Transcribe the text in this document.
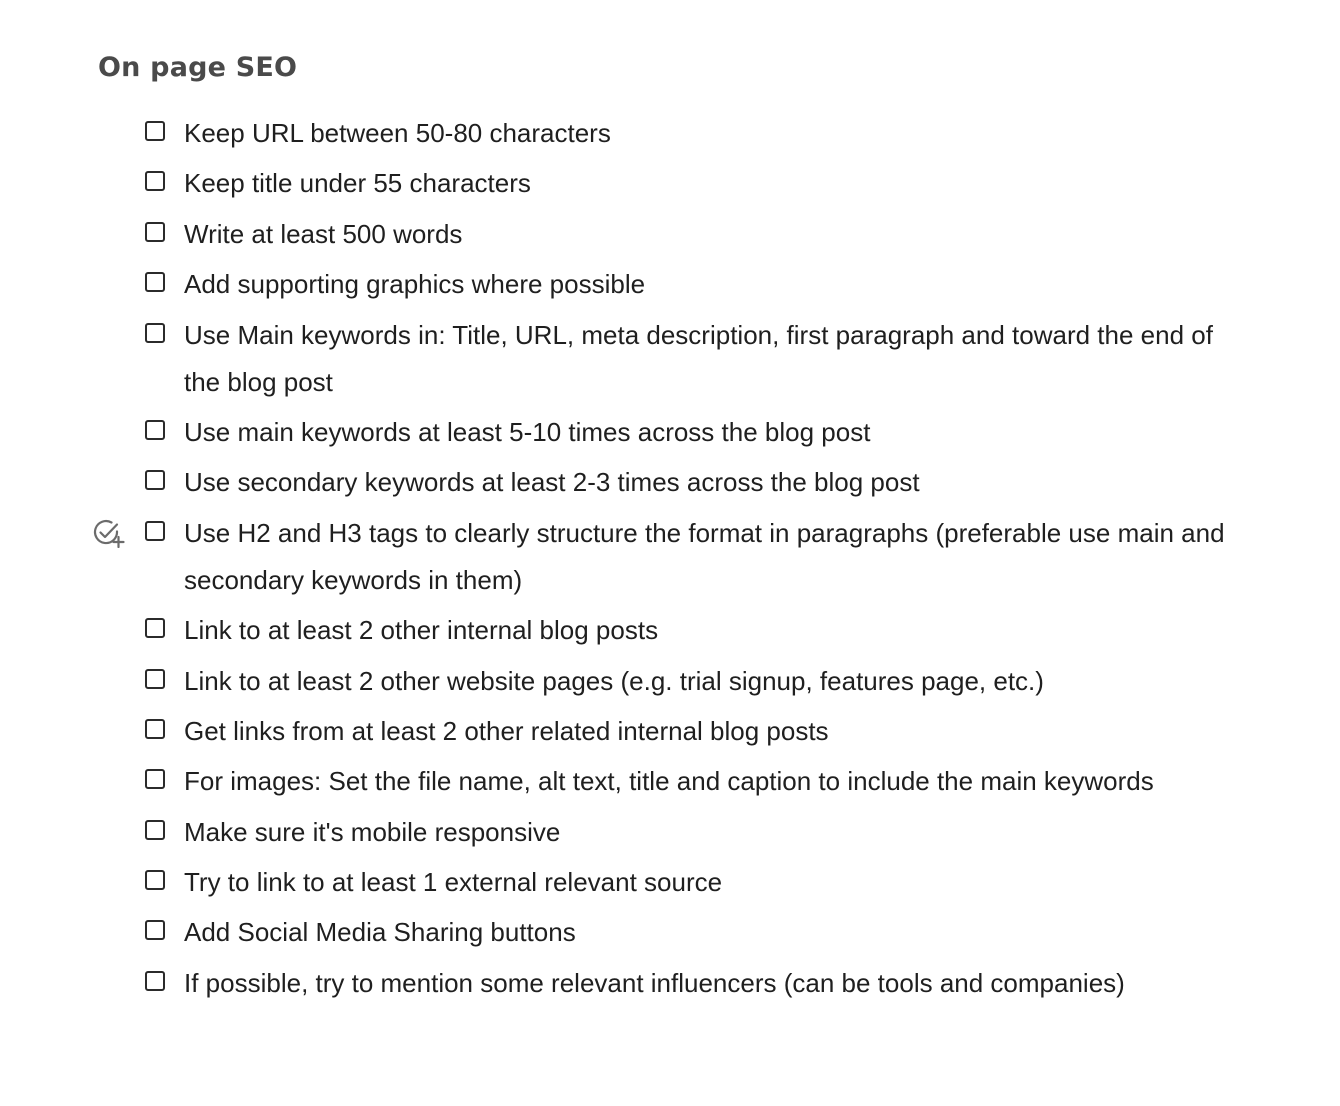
On page SEO
Keep URL between 50-80 characters
Keep title under 55 characters
Write at least 500 words
Add supporting graphics where possible
Use Main keywords in: Title, URL, meta description, first paragraph and toward the end of the blog post
Use main keywords at least 5-10 times across the blog post
Use secondary keywords at least 2-3 times across the blog post
Use H2 and H3 tags to clearly structure the format in paragraphs (preferable use main and secondary keywords in them)
Link to at least 2 other internal blog posts
Link to at least 2 other website pages (e.g. trial signup, features page, etc.)
Get links from at least 2 other related internal blog posts
For images: Set the file name, alt text, title and caption to include the main keywords
Make sure it's mobile responsive
Try to link to at least 1 external relevant source
Add Social Media Sharing buttons
If possible, try to mention some relevant influencers (can be tools and companies)
